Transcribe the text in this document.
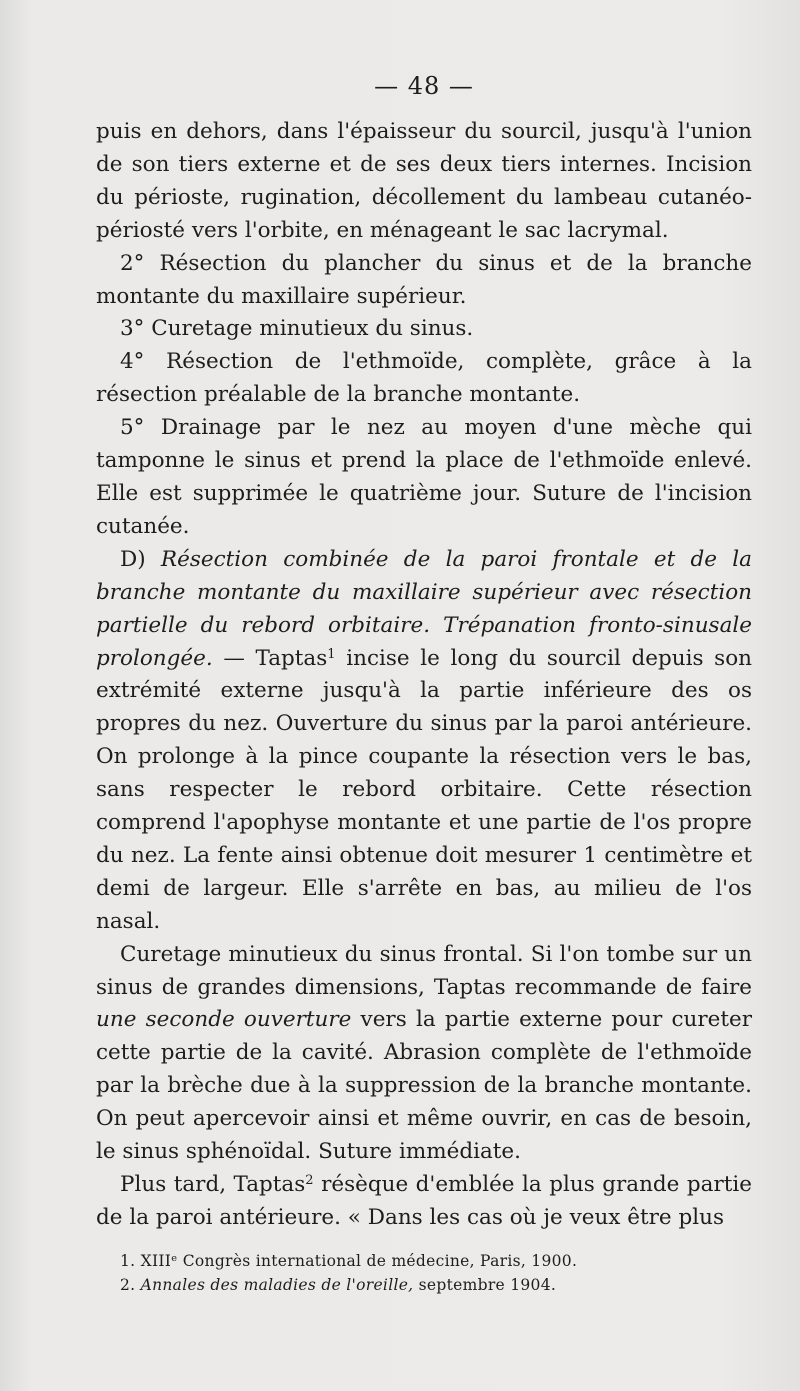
— 48 —

puis en dehors, dans l'épaisseur du sourcil, jusqu'à l'union de son tiers externe et de ses deux tiers internes. Incision du périoste, rugination, décollement du lambeau cutanéo-périosté vers l'orbite, en ménageant le sac lacrymal.

2° Résection du plancher du sinus et de la branche montante du maxillaire supérieur.

3° Curetage minutieux du sinus.

4° Résection de l'ethmoïde, complète, grâce à la résection préalable de la branche montante.

5° Drainage par le nez au moyen d'une mèche qui tamponne le sinus et prend la place de l'ethmoïde enlevé. Elle est supprimée le quatrième jour. Suture de l'incision cutanée.

D) Résection combinée de la paroi frontale et de la branche montante du maxillaire supérieur avec résection partielle du rebord orbitaire. Trépanation fronto-sinusale prolongée. — Taptas$^1$ incise le long du sourcil depuis son extrémité externe jusqu'à la partie inférieure des os propres du nez. Ouverture du sinus par la paroi antérieure. On prolonge à la pince coupante la résection vers le bas, sans respecter le rebord orbitaire. Cette résection comprend l'apophyse montante et une partie de l'os propre du nez. La fente ainsi obtenue doit mesurer 1 centimètre et demi de largeur. Elle s'arrête en bas, au milieu de l'os nasal.

Curetage minutieux du sinus frontal. Si l'on tombe sur un sinus de grandes dimensions, Taptas recommande de faire une seconde ouverture vers la partie externe pour cureter cette partie de la cavité. Abrasion complète de l'ethmoïde par la brèche due à la suppression de la branche montante. On peut apercevoir ainsi et même ouvrir, en cas de besoin, le sinus sphénoïdal. Suture immédiate.

Plus tard, Taptas$^2$ résèque d'emblée la plus grande partie de la paroi antérieure. « Dans les cas où je veux être plus

1. XIIIᵉ Congrès international de médecine, Paris, 1900.

2. Annales des maladies de l'oreille, septembre 1904.
